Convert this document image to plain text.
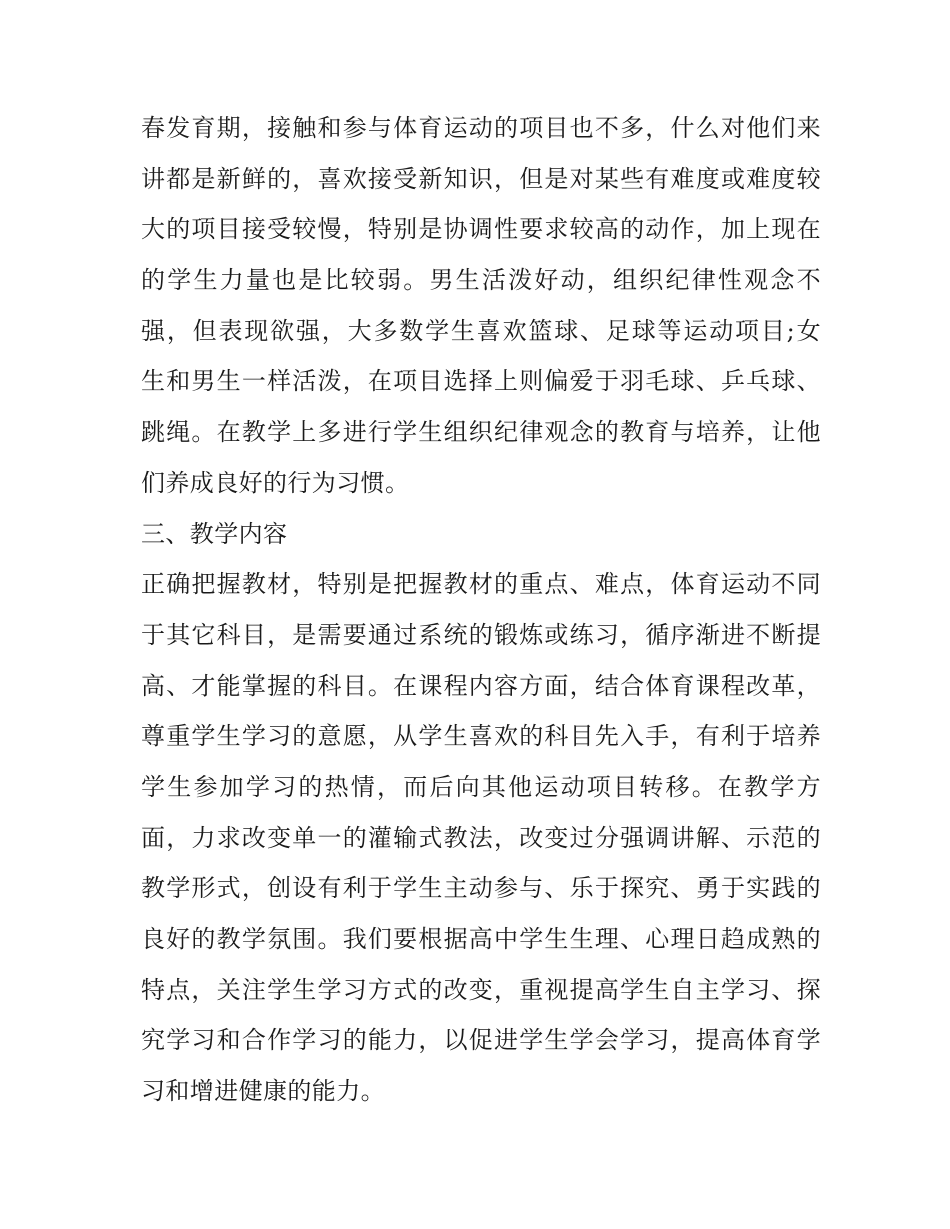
春发育期，接触和参与体育运动的项目也不多，什么对他们来
讲都是新鲜的，喜欢接受新知识，但是对某些有难度或难度较
大的项目接受较慢，特别是协调性要求较高的动作，加上现在
的学生力量也是比较弱。男生活泼好动，组织纪律性观念不
强，但表现欲强，大多数学生喜欢篮球、足球等运动项目;女
生和男生一样活泼，在项目选择上则偏爱于羽毛球、乒乓球、
跳绳。在教学上多进行学生组织纪律观念的教育与培养，让他
们养成良好的行为习惯。
三、教学内容
正确把握教材，特别是把握教材的重点、难点，体育运动不同
于其它科目，是需要通过系统的锻炼或练习，循序渐进不断提
高、才能掌握的科目。在课程内容方面，结合体育课程改革，
尊重学生学习的意愿，从学生喜欢的科目先入手，有利于培养
学生参加学习的热情，而后向其他运动项目转移。在教学方
面，力求改变单一的灌输式教法，改变过分强调讲解、示范的
教学形式，创设有利于学生主动参与、乐于探究、勇于实践的
良好的教学氛围。我们要根据高中学生生理、心理日趋成熟的
特点，关注学生学习方式的改变，重视提高学生自主学习、探
究学习和合作学习的能力，以促进学生学会学习，提高体育学
习和增进健康的能力。
